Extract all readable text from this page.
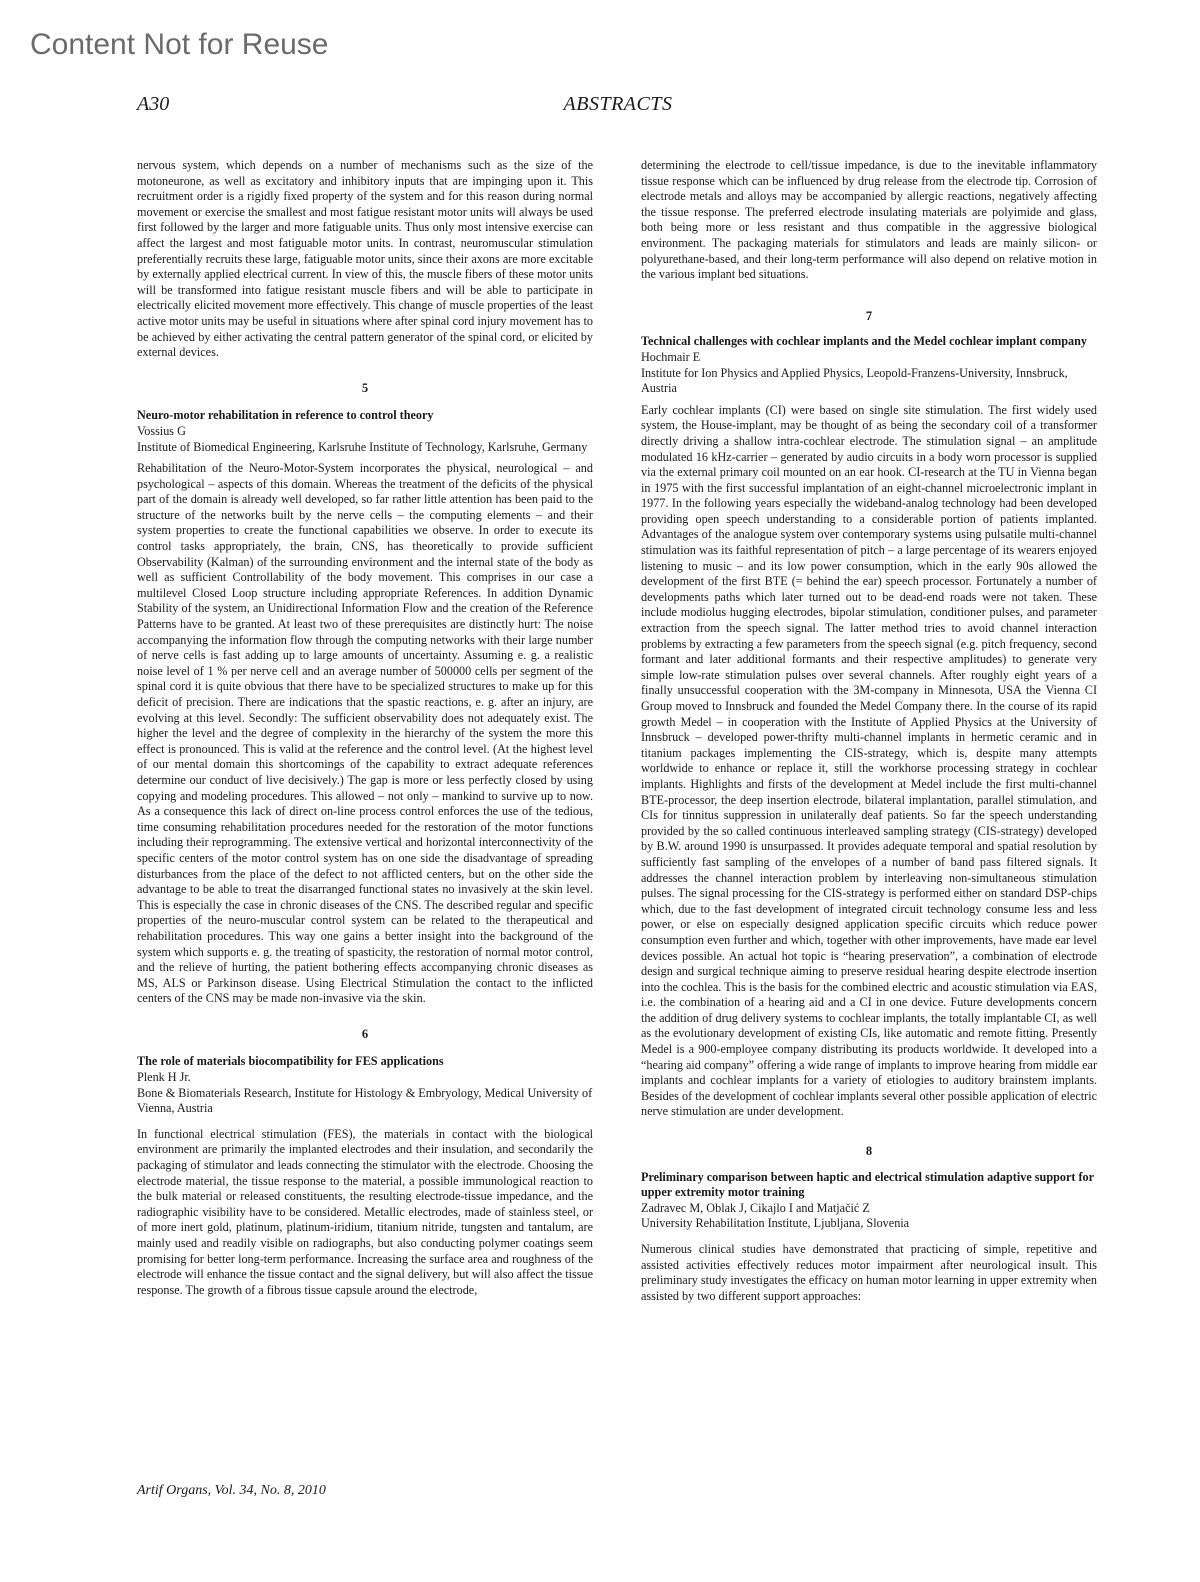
Content Not for Reuse
A30	ABSTRACTS

nervous system, which depends on a number of mechanisms such as the size of the motoneurone, as well as excitatory and inhibitory inputs that are impinging upon it. This recruitment order is a rigidly fixed property of the system and for this reason during normal movement or exercise the smallest and most fatigue resistant motor units will always be used first followed by the larger and more fatiguable units. Thus only most intensive exercise can affect the largest and most fatiguable motor units. In contrast, neuromuscular stimulation preferentially recruits these large, fatiguable motor units, since their axons are more excitable by externally applied electrical current. In view of this, the muscle fibers of these motor units will be transformed into fatigue resistant muscle fibers and will be able to participate in electrically elicited movement more effectively. This change of muscle properties of the least active motor units may be useful in situations where after spinal cord injury movement has to be achieved by either activating the central pattern generator of the spinal cord, or elicited by external devices.

5

Neuro-motor rehabilitation in reference to control theory

Vossius G

Institute of Biomedical Engineering, Karlsruhe Institute of Technology, Karlsruhe, Germany

Rehabilitation of the Neuro-Motor-System incorporates the physical, neurological – and psychological – aspects of this domain. Whereas the treatment of the deficits of the physical part of the domain is already well developed, so far rather little attention has been paid to the structure of the networks built by the nerve cells – the computing elements – and their system properties to create the functional capabilities we observe. In order to execute its control tasks appropriately, the brain, CNS, has theoretically to provide sufficient Observability (Kalman) of the surrounding environment and the internal state of the body as well as sufficient Controllability of the body movement. This comprises in our case a multilevel Closed Loop structure including appropriate References. In addition Dynamic Stability of the system, an Unidirectional Information Flow and the creation of the Reference Patterns have to be granted. At least two of these prerequisites are distinctly hurt: The noise accompanying the information flow through the computing networks with their large number of nerve cells is fast adding up to large amounts of uncertainty. Assuming e. g. a realistic noise level of 1 % per nerve cell and an average number of 500000 cells per segment of the spinal cord it is quite obvious that there have to be specialized structures to make up for this deficit of precision. There are indications that the spastic reactions, e. g. after an injury, are evolving at this level. Secondly: The sufficient observability does not adequately exist. The higher the level and the degree of complexity in the hierarchy of the system the more this effect is pronounced. This is valid at the reference and the control level. (At the highest level of our mental domain this shortcomings of the capability to extract adequate references determine our conduct of live decisively.) The gap is more or less perfectly closed by using copying and modeling procedures. This allowed – not only – mankind to survive up to now. As a consequence this lack of direct on-line process control enforces the use of the tedious, time consuming rehabilitation procedures needed for the restoration of the motor functions including their reprogramming. The extensive vertical and horizontal interconnectivity of the specific centers of the motor control system has on one side the disadvantage of spreading disturbances from the place of the defect to not afflicted centers, but on the other side the advantage to be able to treat the disarranged functional states no invasively at the skin level. This is especially the case in chronic diseases of the CNS. The described regular and specific properties of the neuro-muscular control system can be related to the therapeutical and rehabilitation procedures. This way one gains a better insight into the background of the system which supports e. g. the treating of spasticity, the restoration of normal motor control, and the relieve of hurting, the patient bothering effects accompanying chronic diseases as MS, ALS or Parkinson disease. Using Electrical Stimulation the contact to the inflicted centers of the CNS may be made non-invasive via the skin.

6

The role of materials biocompatibility for FES applications

Plenk H Jr.

Bone & Biomaterials Research, Institute for Histology & Embryology, Medical University of Vienna, Austria

In functional electrical stimulation (FES), the materials in contact with the biological environment are primarily the implanted electrodes and their insulation, and secondarily the packaging of stimulator and leads connecting the stimulator with the electrode. Choosing the electrode material, the tissue response to the material, a possible immunological reaction to the bulk material or released constituents, the resulting electrode-tissue impedance, and the radiographic visibility have to be considered. Metallic electrodes, made of stainless steel, or of more inert gold, platinum, platinum-iridium, titanium nitride, tungsten and tantalum, are mainly used and readily visible on radiographs, but also conducting polymer coatings seem promising for better long-term performance. Increasing the surface area and roughness of the electrode will enhance the tissue contact and the signal delivery, but will also affect the tissue response. The growth of a fibrous tissue capsule around the electrode,

determining the electrode to cell/tissue impedance, is due to the inevitable inflammatory tissue response which can be influenced by drug release from the electrode tip. Corrosion of electrode metals and alloys may be accompanied by allergic reactions, negatively affecting the tissue response. The preferred electrode insulating materials are polyimide and glass, both being more or less resistant and thus compatible in the aggressive biological environment. The packaging materials for stimulators and leads are mainly silicon- or polyurethane-based, and their long-term performance will also depend on relative motion in the various implant bed situations.

7

Technical challenges with cochlear implants and the Medel cochlear implant company

Hochmair E

Institute for Ion Physics and Applied Physics, Leopold-Franzens-University, Innsbruck, Austria

Early cochlear implants (CI) were based on single site stimulation. The first widely used system, the House-implant, may be thought of as being the secondary coil of a transformer directly driving a shallow intra-cochlear electrode. The stimulation signal – an amplitude modulated 16 kHz-carrier – generated by audio circuits in a body worn processor is supplied via the external primary coil mounted on an ear hook. CI-research at the TU in Vienna began in 1975 with the first successful implantation of an eight-channel microelectronic implant in 1977. In the following years especially the wideband-analog technology had been developed providing open speech understanding to a considerable portion of patients implanted. Advantages of the analogue system over contemporary systems using pulsatile multi-channel stimulation was its faithful representation of pitch – a large percentage of its wearers enjoyed listening to music – and its low power consumption, which in the early 90s allowed the development of the first BTE (= behind the ear) speech processor. Fortunately a number of developments paths which later turned out to be dead-end roads were not taken. These include modiolus hugging electrodes, bipolar stimulation, conditioner pulses, and parameter extraction from the speech signal. The latter method tries to avoid channel interaction problems by extracting a few parameters from the speech signal (e.g. pitch frequency, second formant and later additional formants and their respective amplitudes) to generate very simple low-rate stimulation pulses over several channels. After roughly eight years of a finally unsuccessful cooperation with the 3M-company in Minnesota, USA the Vienna CI Group moved to Innsbruck and founded the Medel Company there. In the course of its rapid growth Medel – in cooperation with the Institute of Applied Physics at the University of Innsbruck – developed power-thrifty multi-channel implants in hermetic ceramic and in titanium packages implementing the CIS-strategy, which is, despite many attempts worldwide to enhance or replace it, still the workhorse processing strategy in cochlear implants. Highlights and firsts of the development at Medel include the first multi-channel BTE-processor, the deep insertion electrode, bilateral implantation, parallel stimulation, and CIs for tinnitus suppression in unilaterally deaf patients. So far the speech understanding provided by the so called continuous interleaved sampling strategy (CIS-strategy) developed by B.W. around 1990 is unsurpassed. It provides adequate temporal and spatial resolution by sufficiently fast sampling of the envelopes of a number of band pass filtered signals. It addresses the channel interaction problem by interleaving non-simultaneous stimulation pulses. The signal processing for the CIS-strategy is performed either on standard DSP-chips which, due to the fast development of integrated circuit technology consume less and less power, or else on especially designed application specific circuits which reduce power consumption even further and which, together with other improvements, have made ear level devices possible. An actual hot topic is “hearing preservation”, a combination of electrode design and surgical technique aiming to preserve residual hearing despite electrode insertion into the cochlea. This is the basis for the combined electric and acoustic stimulation via EAS, i.e. the combination of a hearing aid and a CI in one device. Future developments concern the addition of drug delivery systems to cochlear implants, the totally implantable CI, as well as the evolutionary development of existing CIs, like automatic and remote fitting. Presently Medel is a 900-employee company distributing its products worldwide. It developed into a “hearing aid company” offering a wide range of implants to improve hearing from middle ear implants and cochlear implants for a variety of etiologies to auditory brainstem implants. Besides of the development of cochlear implants several other possible application of electric nerve stimulation are under development.

8

Preliminary comparison between haptic and electrical stimulation adaptive support for upper extremity motor training

Zadravec M, Oblak J, Cikajlo I and Matjačić Z

University Rehabilitation Institute, Ljubljana, Slovenia

Numerous clinical studies have demonstrated that practicing of simple, repetitive and assisted activities effectively reduces motor impairment after neurological insult. This preliminary study investigates the efficacy on human motor learning in upper extremity when assisted by two different support approaches:

Artif Organs, Vol. 34, No. 8, 2010
